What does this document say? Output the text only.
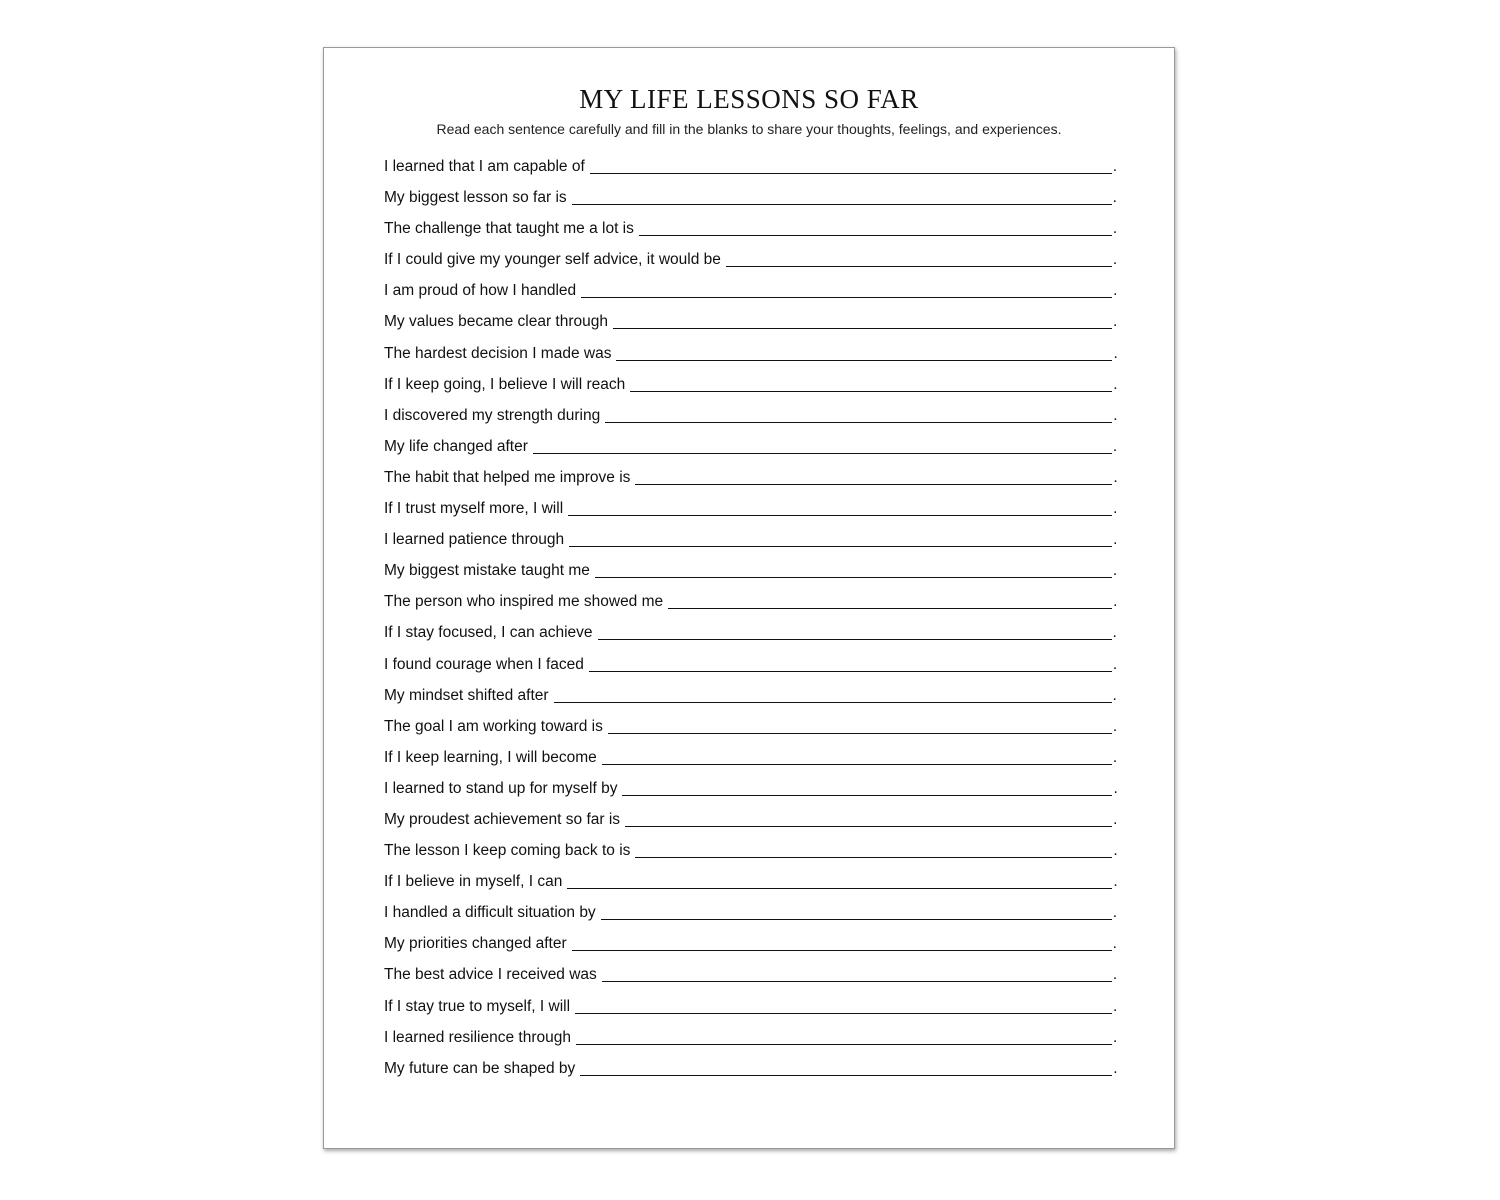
MY LIFE LESSONS SO FAR
Read each sentence carefully and fill in the blanks to share your thoughts, feelings, and experiences.
I learned that I am capable of	.
My biggest lesson so far is	.
The challenge that taught me a lot is	.
If I could give my younger self advice, it would be	.
I am proud of how I handled	.
My values became clear through	.
The hardest decision I made was	.
If I keep going, I believe I will reach	.
I discovered my strength during	.
My life changed after	.
The habit that helped me improve is	.
If I trust myself more, I will	.
I learned patience through	.
My biggest mistake taught me	.
The person who inspired me showed me	.
If I stay focused, I can achieve	.
I found courage when I faced	.
My mindset shifted after	.
The goal I am working toward is	.
If I keep learning, I will become	.
I learned to stand up for myself by	.
My proudest achievement so far is	.
The lesson I keep coming back to is	.
If I believe in myself, I can	.
I handled a difficult situation by	.
My priorities changed after	.
The best advice I received was	.
If I stay true to myself, I will	.
I learned resilience through	.
My future can be shaped by	.
